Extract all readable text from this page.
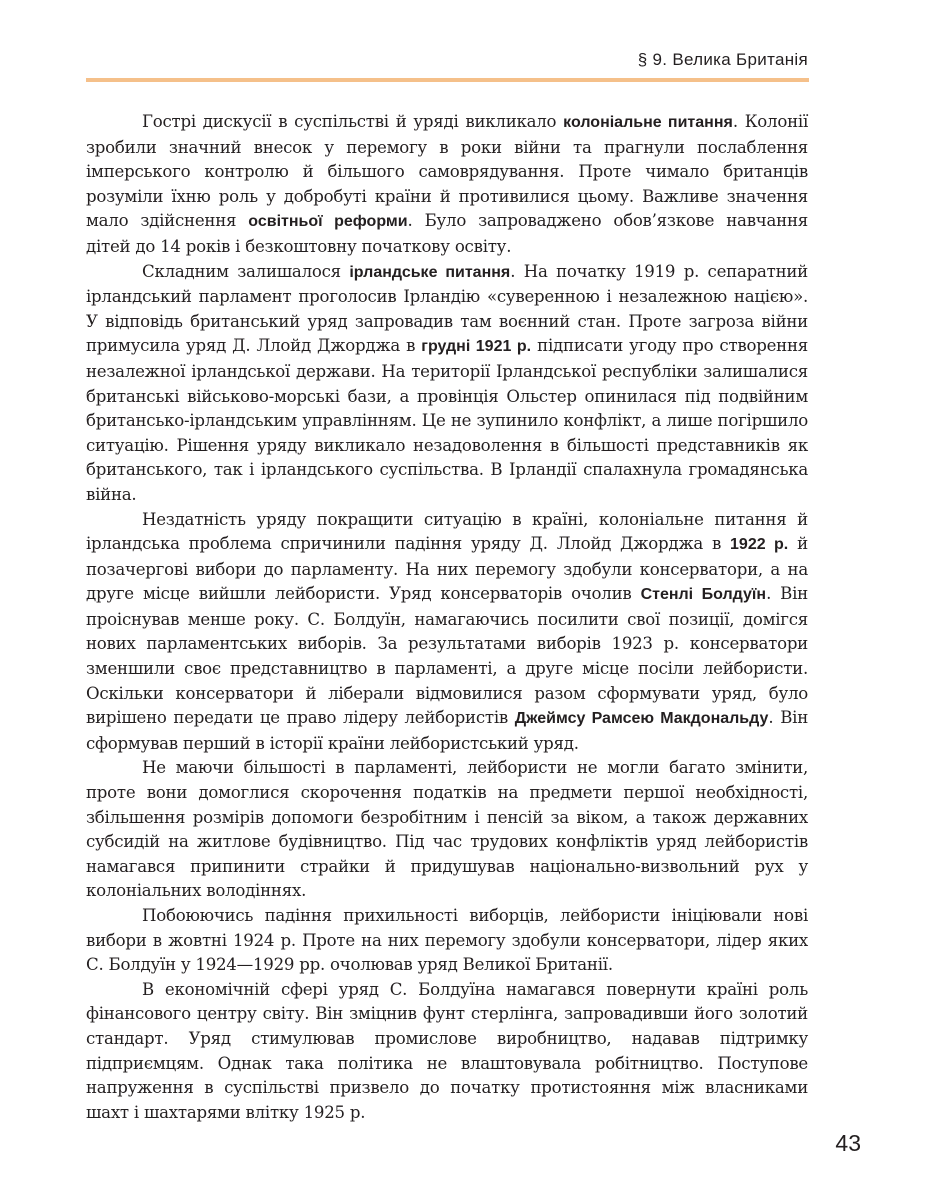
§ 9. Велика Британія

Гострі дискусії в суспільстві й уряді викликало колоніальне питання. Колонії зробили значний внесок у перемогу в роки війни та прагнули послаблення імперського контролю й більшого самоврядування. Проте чимало британців розуміли їхню роль у добробуті країни й противилися цьому. Важливе значення мало здійснення освітньої реформи. Було запроваджено обов’язкове навчання дітей до 14 років і безкоштовну початкову освіту.

Складним залишалося ірландське питання. На початку 1919 р. сепаратний ірландський парламент проголосив Ірландію «суверенною і незалежною нацією». У відповідь британський уряд запровадив там воєнний стан. Проте загроза війни примусила уряд Д. Ллойд Джорджа в грудні 1921 р. підписати угоду про створення незалежної ірландської держави. На території Ірландської республіки залишалися британські військово-морські бази, а провінція Ольстер опинилася під подвійним британсько-ірландським управлінням. Це не зупинило конфлікт, а лише погіршило ситуацію. Рішення уряду викликало незадоволення в більшості представників як британського, так і ірландського суспільства. В Ірландії спалахнула громадянська війна.

Нездатність уряду покращити ситуацію в країні, колоніальне питання й ірландська проблема спричинили падіння уряду Д. Ллойд Джорджа в 1922 р. й позачергові вибори до парламенту. На них перемогу здобули консерватори, а на друге місце вийшли лейбористи. Уряд консерваторів очолив Стенлі Болдуїн. Він проіснував менше року. С. Болдуїн, намагаючись посилити свої позиції, домігся нових парламентських виборів. За результатами виборів 1923 р. консерватори зменшили своє представництво в парламенті, а друге місце посіли лейбористи. Оскільки консерватори й ліберали відмовилися разом сформувати уряд, було вирішено передати це право лідеру лейбористів Джеймсу Рамсею Макдональду. Він сформував перший в історії країни лейбористський уряд.

Не маючи більшості в парламенті, лейбористи не могли багато змінити, проте вони домоглися скорочення податків на предмети першої необхідності, збільшення розмірів допомоги безробітним і пенсій за віком, а також державних субсидій на житлове будівництво. Під час трудових конфліктів уряд лейбористів намагався припинити страйки й придушував національно-визвольний рух у колоніальних володіннях.

Побоюючись падіння прихильності виборців, лейбористи ініціювали нові вибори в жовтні 1924 р. Проте на них перемогу здобули консерватори, лідер яких С. Болдуїн у 1924—1929 рр. очолював уряд Великої Британії.

В економічній сфері уряд С. Болдуїна намагався повернути країні роль фінансового центру світу. Він зміцнив фунт стерлінга, запровадивши його золотий стандарт. Уряд стимулював промислове виробництво, надавав підтримку підприємцям. Однак така політика не влаштовувала робітництво. Поступове напруження в суспільстві призвело до початку протистояння між власниками шахт і шахтарями влітку 1925 р.

43
